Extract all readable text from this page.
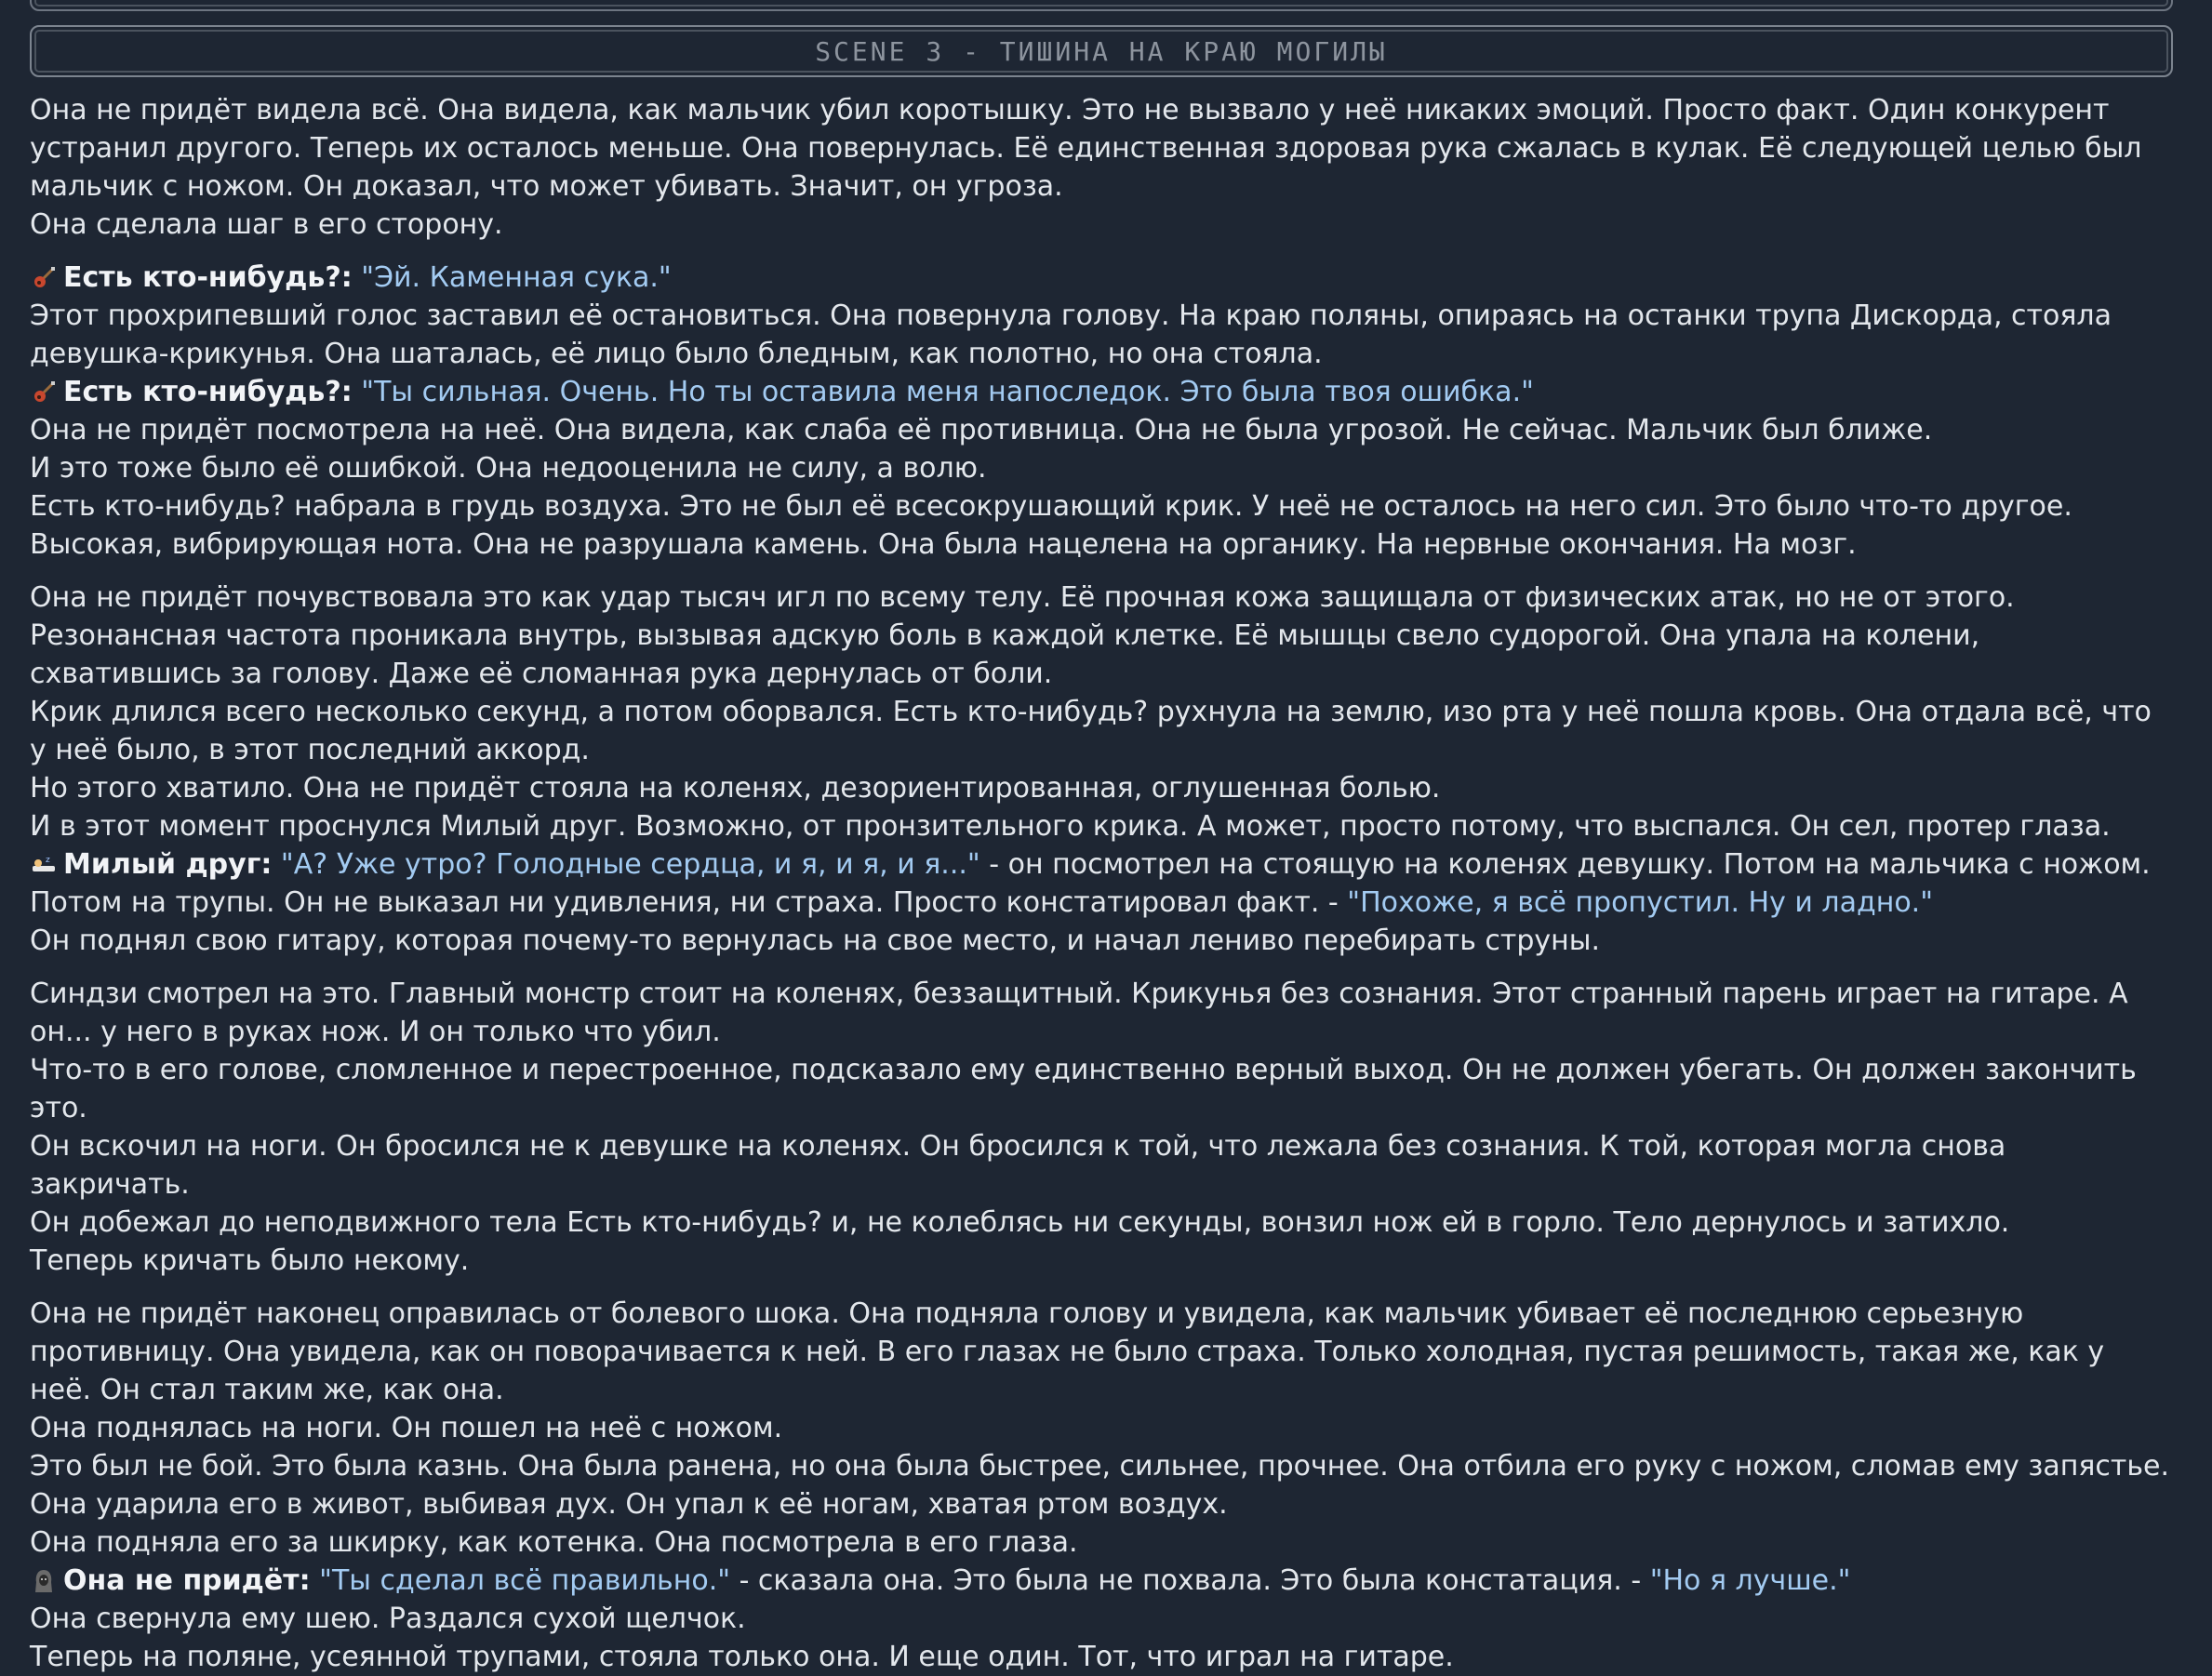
SCENE 3 - ТИШИНА НА КРАЮ МОГИЛЫ

Она не придёт видела всё. Она видела, как мальчик убил коротышку. Это не вызвало у неё никаких эмоций. Просто факт. Один конкурент устранил другого. Теперь их осталось меньше. Она повернулась. Её единственная здоровая рука сжалась в кулак. Её следующей целью был мальчик с ножом. Он доказал, что может убивать. Значит, он угроза.

Она сделала шаг в его сторону.

Есть кто-нибудь?: "Эй. Каменная сука."

Этот прохрипевший голос заставил её остановиться. Она повернула голову. На краю поляны, опираясь на останки трупа Дискорда, стояла девушка-крикунья. Она шаталась, её лицо было бледным, как полотно, но она стояла.

Есть кто-нибудь?: "Ты сильная. Очень. Но ты оставила меня напоследок. Это была твоя ошибка."

Она не придёт посмотрела на неё. Она видела, как слаба её противница. Она не была угрозой. Не сейчас. Мальчик был ближе.

И это тоже было её ошибкой. Она недооценила не силу, а волю.

Есть кто-нибудь? набрала в грудь воздуха. Это не был её всесокрушающий крик. У неё не осталось на него сил. Это было что-то другое. Высокая, вибрирующая нота. Она не разрушала камень. Она была нацелена на органику. На нервные окончания. На мозг.

Она не придёт почувствовала это как удар тысяч игл по всему телу. Её прочная кожа защищала от физических атак, но не от этого. Резонансная частота проникала внутрь, вызывая адскую боль в каждой клетке. Её мышцы свело судорогой. Она упала на колени, схватившись за голову. Даже её сломанная рука дернулась от боли.

Крик длился всего несколько секунд, а потом оборвался. Есть кто-нибудь? рухнула на землю, изо рта у неё пошла кровь. Она отдала всё, что у неё было, в этот последний аккорд.

Но этого хватило. Она не придёт стояла на коленях, дезориентированная, оглушенная болью.

И в этот момент проснулся Милый друг. Возможно, от пронзительного крика. А может, просто потому, что выспался. Он сел, протер глаза.

z Милый друг: "А? Уже утро? Голодные сердца, и я, и я, и я..." - он посмотрел на стоящую на коленях девушку. Потом на мальчика с ножом. Потом на трупы. Он не выказал ни удивления, ни страха. Просто констатировал факт. - "Похоже, я всё пропустил. Ну и ладно."

Он поднял свою гитару, которая почему-то вернулась на свое место, и начал лениво перебирать струны.

Синдзи смотрел на это. Главный монстр стоит на коленях, беззащитный. Крикунья без сознания. Этот странный парень играет на гитаре. А он... у него в руках нож. И он только что убил.

Что-то в его голове, сломленное и перестроенное, подсказало ему единственно верный выход. Он не должен убегать. Он должен закончить это.

Он вскочил на ноги. Он бросился не к девушке на коленях. Он бросился к той, что лежала без сознания. К той, которая могла снова закричать.

Он добежал до неподвижного тела Есть кто-нибудь? и, не колеблясь ни секунды, вонзил нож ей в горло. Тело дернулось и затихло.

Теперь кричать было некому.

Она не придёт наконец оправилась от болевого шока. Она подняла голову и увидела, как мальчик убивает её последнюю серьезную противницу. Она увидела, как он поворачивается к ней. В его глазах не было страха. Только холодная, пустая решимость, такая же, как у неё. Он стал таким же, как она.

Она поднялась на ноги. Он пошел на неё с ножом.

Это был не бой. Это была казнь. Она была ранена, но она была быстрее, сильнее, прочнее. Она отбила его руку с ножом, сломав ему запястье. Она ударила его в живот, выбивая дух. Он упал к её ногам, хватая ртом воздух.

Она подняла его за шкирку, как котенка. Она посмотрела в его глаза.

Она не придёт: "Ты сделал всё правильно." - сказала она. Это была не похвала. Это была констатация. - "Но я лучше."

Она свернула ему шею. Раздался сухой щелчок.

Теперь на поляне, усеянной трупами, стояла только она. И еще один. Тот, что играл на гитаре.
